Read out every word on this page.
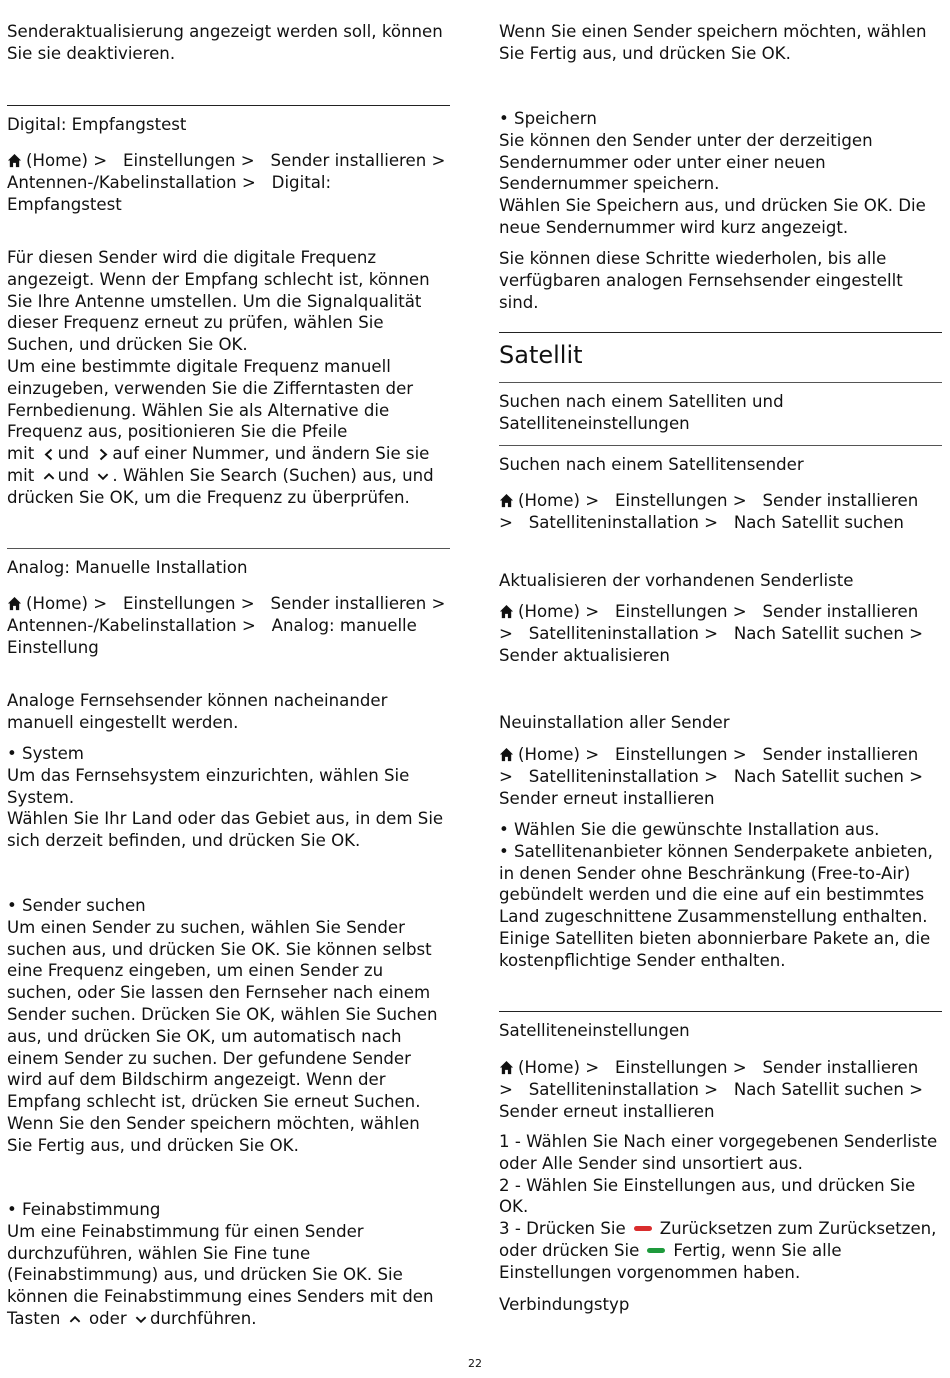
Senderaktualisierung angezeigt werden soll, können Sie sie deaktivieren.

Digital: Empfangstest

(Home) > Einstellungen > Sender installieren >
Antennen-/Kabelinstallation > Digital: Empfangstest

Für diesen Sender wird die digitale Frequenz angezeigt. Wenn der Empfang schlecht ist, können Sie Ihre Antenne umstellen. Um die Signalqualität dieser Frequenz erneut zu prüfen, wählen Sie Suchen, und drücken Sie OK.
Um eine bestimmte digitale Frequenz manuell einzugeben, verwenden Sie die Zifferntasten der Fernbedienung. Wählen Sie als Alternative die Frequenz aus, positionieren Sie die Pfeile
mit und auf einer Nummer, und ändern Sie sie
mit und . Wählen Sie Search (Suchen) aus, und
drücken Sie OK, um die Frequenz zu überprüfen.

Analog: Manuelle Installation

(Home) > Einstellungen > Sender installieren >
Antennen-/Kabelinstallation > Analog: manuelle Einstellung

Analoge Fernsehsender können nacheinander manuell eingestellt werden.

• System
Um das Fernsehsystem einzurichten, wählen Sie System.
Wählen Sie Ihr Land oder das Gebiet aus, in dem Sie sich derzeit befinden, und drücken Sie OK.

• Sender suchen
Um einen Sender zu suchen, wählen Sie Sender suchen aus, und drücken Sie OK. Sie können selbst eine Frequenz eingeben, um einen Sender zu suchen, oder Sie lassen den Fernseher nach einem Sender suchen. Drücken Sie OK, wählen Sie Suchen aus, und drücken Sie OK, um automatisch nach einem Sender zu suchen. Der gefundene Sender wird auf dem Bildschirm angezeigt. Wenn der Empfang schlecht ist, drücken Sie erneut Suchen. Wenn Sie den Sender speichern möchten, wählen Sie Fertig aus, und drücken Sie OK.

• Feinabstimmung
Um eine Feinabstimmung für einen Sender durchzuführen, wählen Sie Fine tune (Feinabstimmung) aus, und drücken Sie OK. Sie können die Feinabstimmung eines Senders mit den Tasten oder durchführen.

Wenn Sie einen Sender speichern möchten, wählen Sie Fertig aus, und drücken Sie OK.

• Speichern
Sie können den Sender unter der derzeitigen Sendernummer oder unter einer neuen Sendernummer speichern.
Wählen Sie Speichern aus, und drücken Sie OK. Die neue Sendernummer wird kurz angezeigt.

Sie können diese Schritte wiederholen, bis alle verfügbaren analogen Fernsehsender eingestellt sind.

Satellit

Suchen nach einem Satelliten und Satelliteneinstellungen

Suchen nach einem Satellitensender

(Home) > Einstellungen > Sender installieren > Satelliteninstallation > Nach Satellit suchen

Aktualisieren der vorhandenen Senderliste

(Home) > Einstellungen > Sender installieren > Satelliteninstallation > Nach Satellit suchen >   Sender aktualisieren

Neuinstallation aller Sender

(Home) > Einstellungen > Sender installieren > Satelliteninstallation > Nach Satellit suchen >   Sender erneut installieren

• Wählen Sie die gewünschte Installation aus.
• Satellitenanbieter können Senderpakete anbieten, in denen Sender ohne Beschränkung (Free-to-Air) gebündelt werden und die eine auf ein bestimmtes Land zugeschnittene Zusammenstellung enthalten. Einige Satelliten bieten abonnierbare Pakete an, die kostenpflichtige Sender enthalten.

Satelliteneinstellungen

(Home) > Einstellungen > Sender installieren > Satelliteninstallation > Nach Satellit suchen >   Sender erneut installieren

1 - Wählen Sie Nach einer vorgegebenen Senderliste oder Alle Sender sind unsortiert aus.
2 - Wählen Sie Einstellungen aus, und drücken Sie OK.
3 - Drücken Sie Zurücksetzen zum Zurücksetzen, oder drücken Sie Fertig, wenn Sie alle Einstellungen vorgenommen haben.

Verbindungstyp

22
